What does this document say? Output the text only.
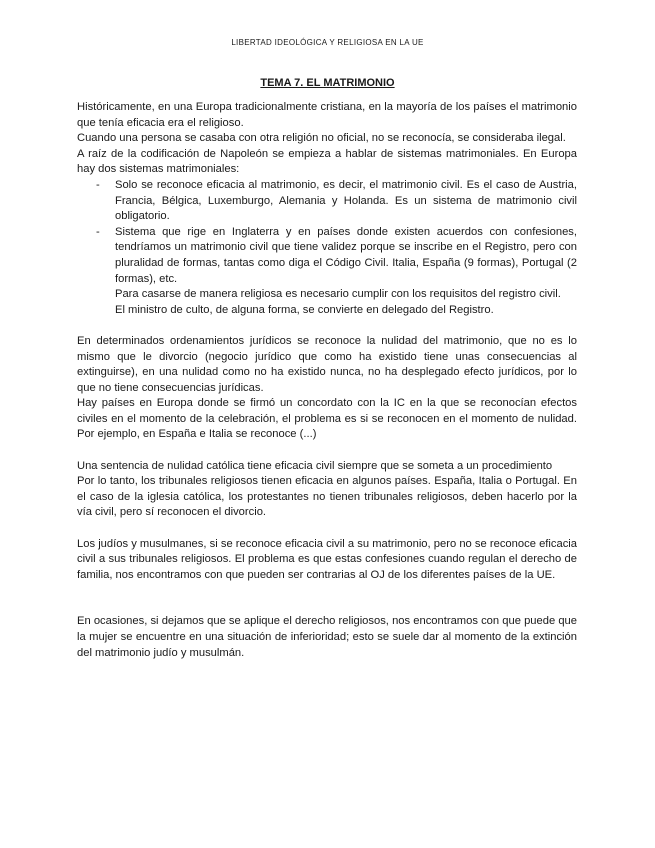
LIBERTAD IDEOLÓGICA Y RELIGIOSA EN LA UE
TEMA 7. EL MATRIMONIO

Históricamente, en una Europa tradicionalmente cristiana, en la mayoría de los países el matrimonio que tenía eficacia era el religioso.

Cuando una persona se casaba con otra religión no oficial, no se reconocía, se consideraba ilegal.

A raíz de la codificación de Napoleón se empieza a hablar de sistemas matrimoniales. En Europa hay dos sistemas matrimoniales:

- Solo se reconoce eficacia al matrimonio, es decir, el matrimonio civil. Es el caso de Austria, Francia, Bélgica, Luxemburgo, Alemania y Holanda. Es un sistema de matrimonio civil obligatorio.

- Sistema que rige en Inglaterra y en países donde existen acuerdos con confesiones, tendríamos un matrimonio civil que tiene validez porque se inscribe en el Registro, pero con pluralidad de formas, tantas como diga el Código Civil. Italia, España (9 formas), Portugal (2 formas), etc.

Para casarse de manera religiosa es necesario cumplir con los requisitos del registro civil.

El ministro de culto, de alguna forma, se convierte en delegado del Registro.

En determinados ordenamientos jurídicos se reconoce la nulidad del matrimonio, que no es lo mismo que le divorcio (negocio jurídico que como ha existido tiene unas consecuencias al extinguirse), en una nulidad como no ha existido nunca, no ha desplegado efecto jurídicos, por lo que no tiene consecuencias jurídicas.

Hay países en Europa donde se firmó un concordato con la IC en la que se reconocían efectos civiles en el momento de la celebración, el problema es si se reconocen en el momento de nulidad. Por ejemplo, en España e Italia se reconoce (...)

Una sentencia de nulidad católica tiene eficacia civil siempre que se someta a un procedimiento

Por lo tanto, los tribunales religiosos tienen eficacia en algunos países. España, Italia o Portugal. En el caso de la iglesia católica, los protestantes no tienen tribunales religiosos, deben hacerlo por la vía civil, pero sí reconocen el divorcio.

Los judíos y musulmanes, si se reconoce eficacia civil a su matrimonio, pero no se reconoce eficacia civil a sus tribunales religiosos. El problema es que estas confesiones cuando regulan el derecho de familia, nos encontramos con que pueden ser contrarias al OJ de los diferentes países de la UE.

En ocasiones, si dejamos que se aplique el derecho religiosos, nos encontramos con que puede que la mujer se encuentre en una situación de inferioridad; esto se suele dar al momento de la extinción del matrimonio judío y musulmán.
